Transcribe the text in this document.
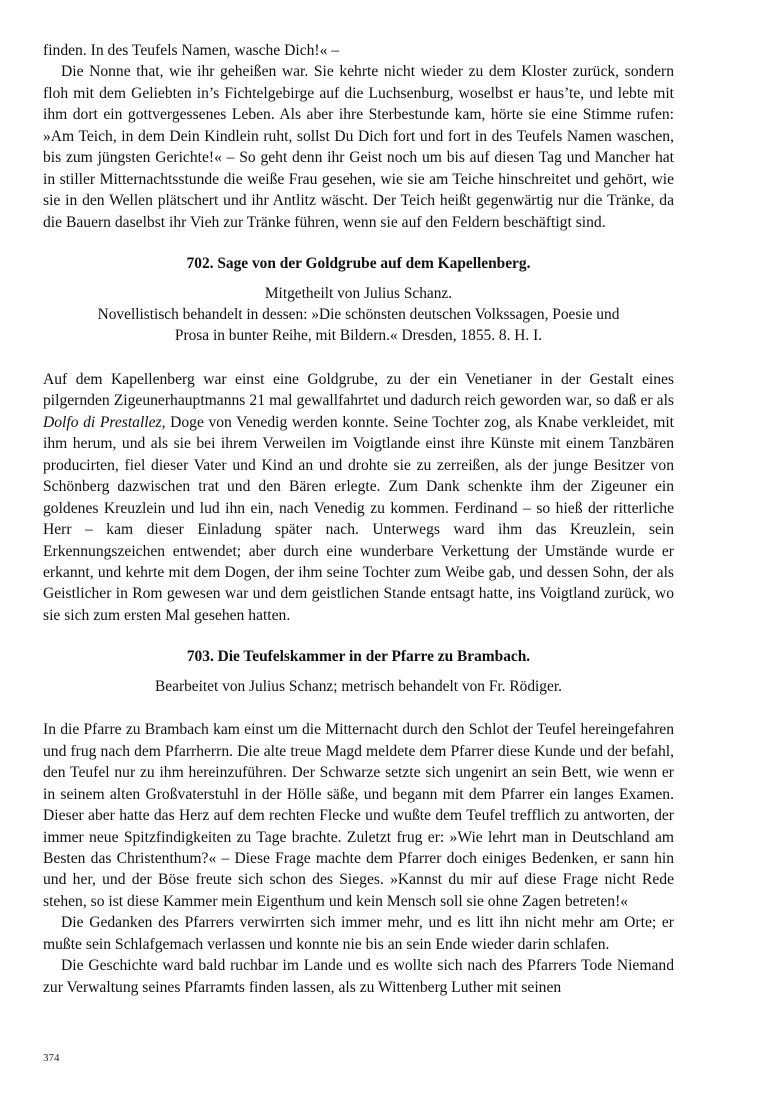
finden. In des Teufels Namen, wasche Dich!« –

Die Nonne that, wie ihr geheißen war. Sie kehrte nicht wieder zu dem Kloster zurück, sondern floh mit dem Geliebten in’s Fichtelgebirge auf die Luchsenburg, woselbst er haus’te, und lebte mit ihm dort ein gottvergessenes Leben. Als aber ihre Sterbestunde kam, hörte sie eine Stimme rufen: »Am Teich, in dem Dein Kindlein ruht, sollst Du Dich fort und fort in des Teufels Namen waschen, bis zum jüngsten Gerichte!« – So geht denn ihr Geist noch um bis auf diesen Tag und Mancher hat in stiller Mitternachtsstunde die weiße Frau gesehen, wie sie am Teiche hinschreitet und gehört, wie sie in den Wellen plätschert und ihr Antlitz wäscht. Der Teich heißt gegenwärtig nur die Tränke, da die Bauern daselbst ihr Vieh zur Tränke führen, wenn sie auf den Feldern beschäftigt sind.

702. Sage von der Goldgrube auf dem Kapellenberg.

Mitgetheilt von Julius Schanz.

Novellistisch behandelt in dessen: »Die schönsten deutschen Volkssagen, Poesie und

Prosa in bunter Reihe, mit Bildern.« Dresden, 1855. 8. H. I.

Auf dem Kapellenberg war einst eine Goldgrube, zu der ein Venetianer in der Gestalt eines pilgernden Zigeunerhauptmanns 21 mal gewallfahrtet und dadurch reich geworden war, so daß er als Dolfo di Prestallez, Doge von Venedig werden konnte. Seine Tochter zog, als Knabe verkleidet, mit ihm herum, und als sie bei ihrem Verweilen im Voigtlande einst ihre Künste mit einem Tanzbären producirten, fiel dieser Vater und Kind an und drohte sie zu zerreißen, als der junge Besitzer von Schönberg dazwischen trat und den Bären erlegte. Zum Dank schenkte ihm der Zigeuner ein goldenes Kreuzlein und lud ihn ein, nach Venedig zu kommen. Ferdinand – so hieß der ritterliche Herr – kam dieser Einladung später nach. Unterwegs ward ihm das Kreuzlein, sein Erkennungszeichen entwendet; aber durch eine wunderbare Verkettung der Umstände wurde er erkannt, und kehrte mit dem Dogen, der ihm seine Tochter zum Weibe gab, und dessen Sohn, der als Geistlicher in Rom gewesen war und dem geistlichen Stande entsagt hatte, ins Voigtland zurück, wo sie sich zum ersten Mal gesehen hatten.

703. Die Teufelskammer in der Pfarre zu Brambach.

Bearbeitet von Julius Schanz; metrisch behandelt von Fr. Rödiger.

In die Pfarre zu Brambach kam einst um die Mitternacht durch den Schlot der Teufel hereingefahren und frug nach dem Pfarrherrn. Die alte treue Magd meldete dem Pfarrer diese Kunde und der befahl, den Teufel nur zu ihm hereinzuführen. Der Schwarze setzte sich ungenirt an sein Bett, wie wenn er in seinem alten Großvaterstuhl in der Hölle säße, und begann mit dem Pfarrer ein langes Examen. Dieser aber hatte das Herz auf dem rechten Flecke und wußte dem Teufel trefflich zu antworten, der immer neue Spitzfindigkeiten zu Tage brachte. Zuletzt frug er: »Wie lehrt man in Deutschland am Besten das Christenthum?« – Diese Frage machte dem Pfarrer doch einiges Bedenken, er sann hin und her, und der Böse freute sich schon des Sieges. »Kannst du mir auf diese Frage nicht Rede stehen, so ist diese Kammer mein Eigenthum und kein Mensch soll sie ohne Zagen betreten!«

Die Gedanken des Pfarrers verwirrten sich immer mehr, und es litt ihn nicht mehr am Orte; er mußte sein Schlafgemach verlassen und konnte nie bis an sein Ende wieder darin schlafen.

Die Geschichte ward bald ruchbar im Lande und es wollte sich nach des Pfarrers Tode Niemand zur Verwaltung seines Pfarramts finden lassen, als zu Wittenberg Luther mit seinen

374
